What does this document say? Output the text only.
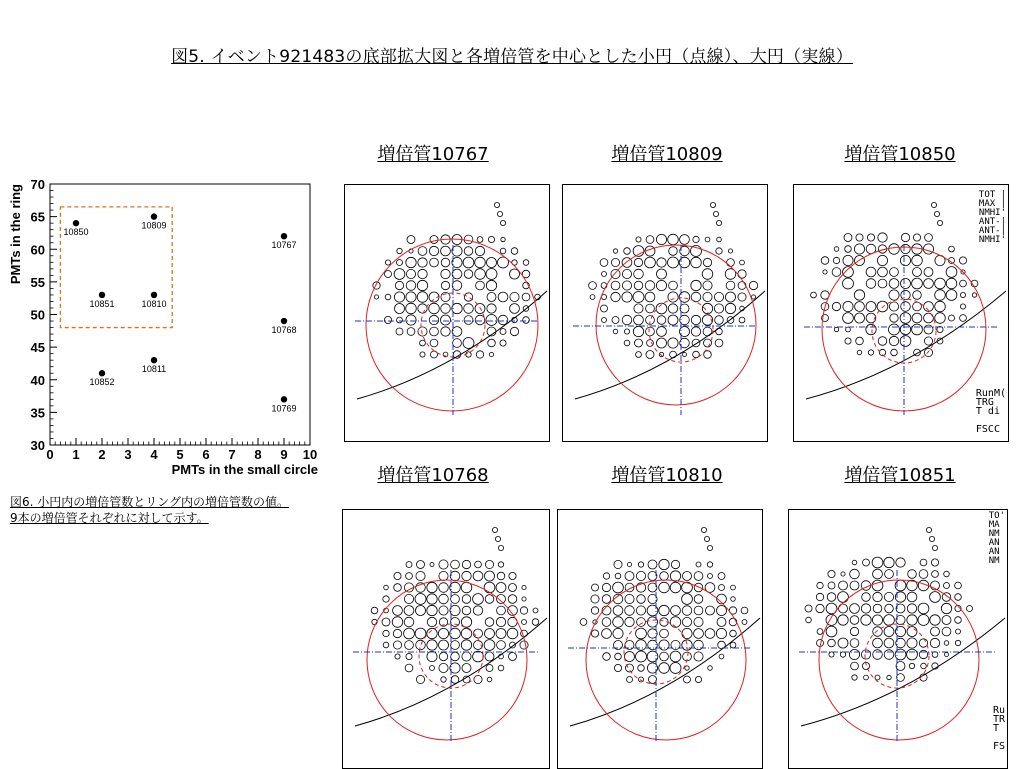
図5. イベント921483の底部拡大図と各増倍管を中心とした小円（点線）、大円（実線）
0 1 2 3 4 5 6 7 8 9 10
30
35
40
45
50
55
60
65
70
PMTs in the small circle
PMTs in the ring	10850
10809
10767
10851	10810
10768
10852
10811
10769
図6. 小円内の増倍管数とリング内の増倍管数の値。
9本の増倍管それぞれに対して示す。
増倍管10767	増倍管10809	増倍管10850
増倍管10768	増倍管10810	増倍管10851
TOT |
MAX |
NMHI'
ANT-|
ANT-|
NMHI'
RunM(
TRG
T di

FSCC
TO'
MA
NM
AN
AN
NM
Ru
TR
T

FS
